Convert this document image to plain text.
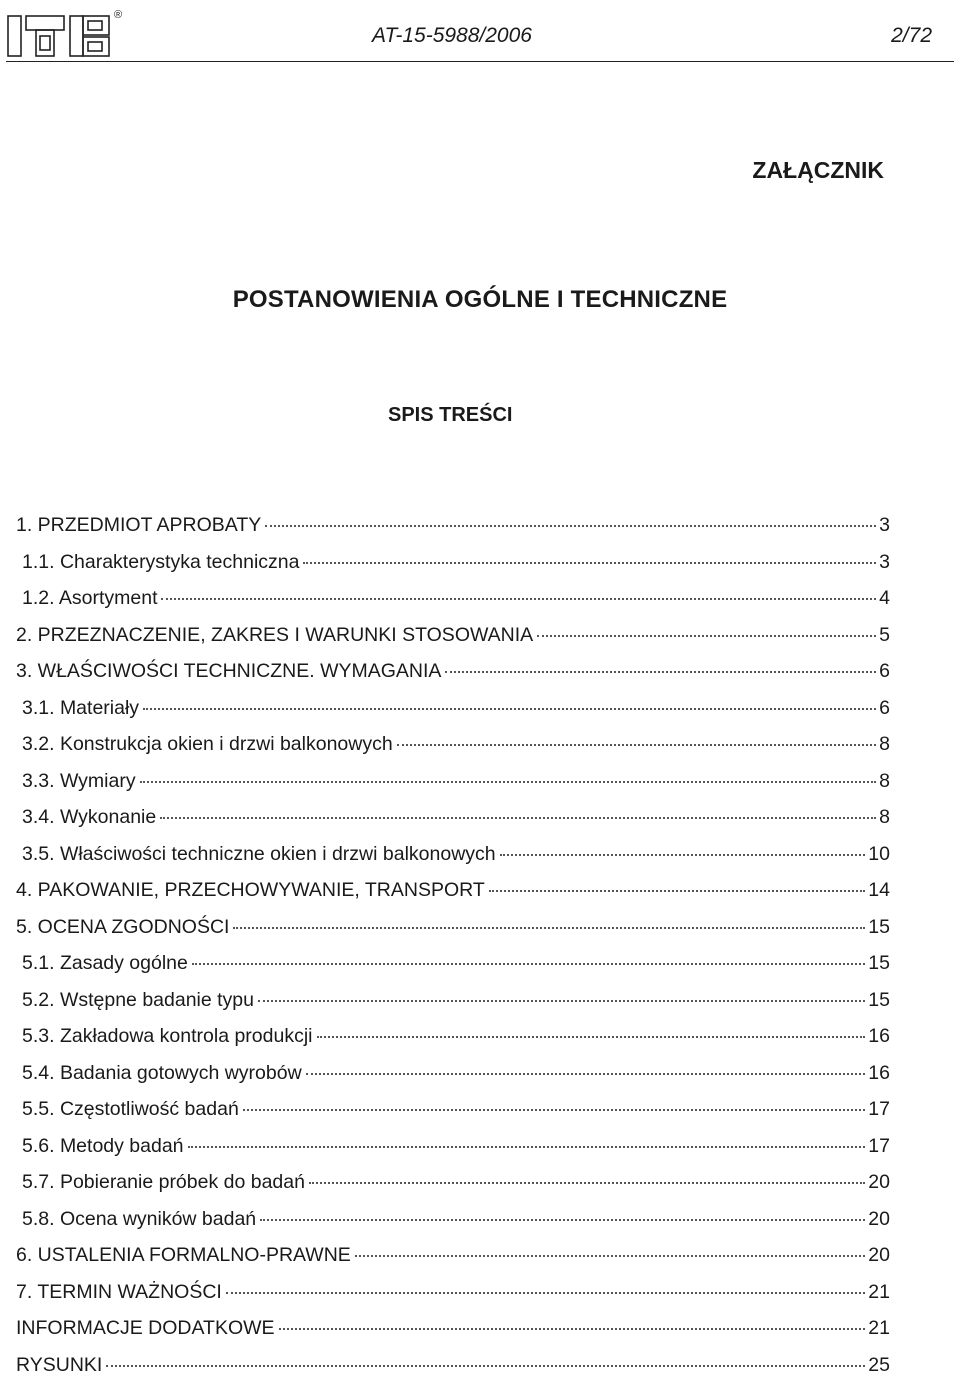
®
AT-15-5988/2006	2/72
ZAŁĄCZNIK
POSTANOWIENIA OGÓLNE I TECHNICZNE
SPIS TREŚCI
1. PRZEDMIOT APROBATY	3
1.1. Charakterystyka techniczna	3
1.2. Asortyment	4
2. PRZEZNACZENIE, ZAKRES I WARUNKI STOSOWANIA	5
3. WŁAŚCIWOŚCI TECHNICZNE. WYMAGANIA	6
3.1. Materiały	6
3.2. Konstrukcja okien i drzwi balkonowych	8
3.3. Wymiary	8
3.4. Wykonanie	8
3.5. Właściwości techniczne okien i drzwi balkonowych	10
4. PAKOWANIE, PRZECHOWYWANIE, TRANSPORT	14
5. OCENA ZGODNOŚCI	15
5.1. Zasady ogólne	15
5.2. Wstępne badanie typu	15
5.3. Zakładowa kontrola produkcji	16
5.4. Badania gotowych wyrobów	16
5.5. Częstotliwość badań	17
5.6. Metody badań	17
5.7. Pobieranie próbek do badań	20
5.8. Ocena wyników badań	20
6. USTALENIA FORMALNO-PRAWNE	20
7. TERMIN WAŻNOŚCI	21
INFORMACJE DODATKOWE	21
RYSUNKI	25
